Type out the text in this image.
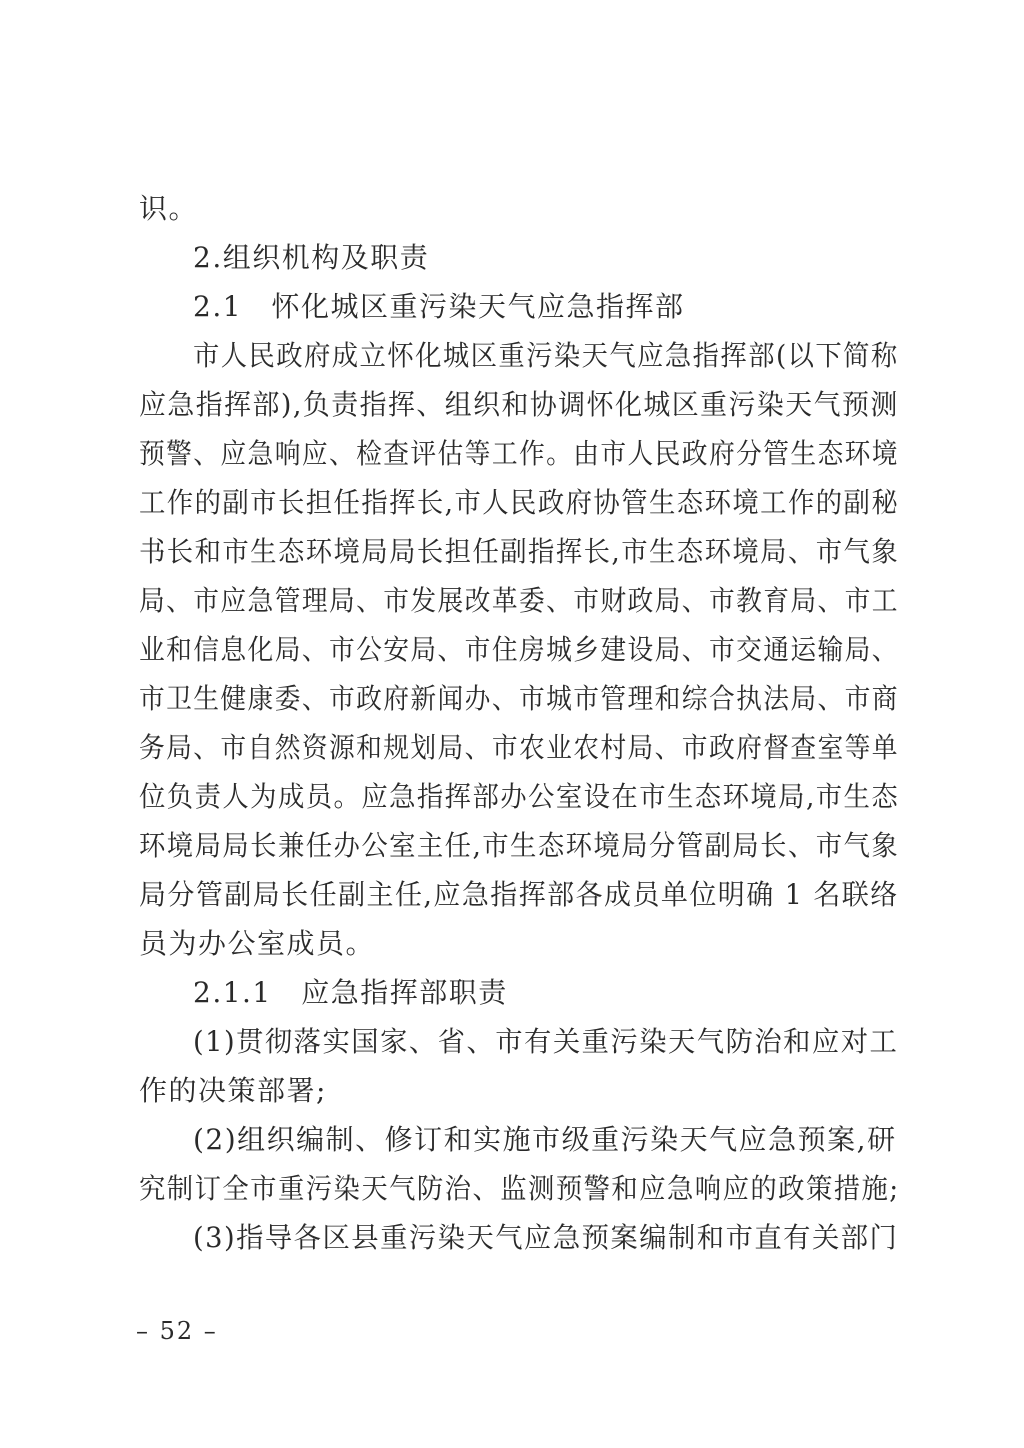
识。
2.组织机构及职责
2.1　怀化城区重污染天气应急指挥部
市人民政府成立怀化城区重污染天气应急指挥部(以下简称
应急指挥部),负责指挥、组织和协调怀化城区重污染天气预测
预警、应急响应、检查评估等工作。由市人民政府分管生态环境
工作的副市长担任指挥长,市人民政府协管生态环境工作的副秘
书长和市生态环境局局长担任副指挥长,市生态环境局、市气象
局、市应急管理局、市发展改革委、市财政局、市教育局、市工
业和信息化局、市公安局、市住房城乡建设局、市交通运输局、
市卫生健康委、市政府新闻办、市城市管理和综合执法局、市商
务局、市自然资源和规划局、市农业农村局、市政府督查室等单
位负责人为成员。应急指挥部办公室设在市生态环境局,市生态
环境局局长兼任办公室主任,市生态环境局分管副局长、市气象
局分管副局长任副主任,应急指挥部各成员单位明确 1 名联络
员为办公室成员。
2.1.1　应急指挥部职责
(1)贯彻落实国家、省、市有关重污染天气防治和应对工
作的决策部署;
(2)组织编制、修订和实施市级重污染天气应急预案,研
究制订全市重污染天气防治、监测预警和应急响应的政策措施;
(3)指导各区县重污染天气应急预案编制和市直有关部门
– 52 –
